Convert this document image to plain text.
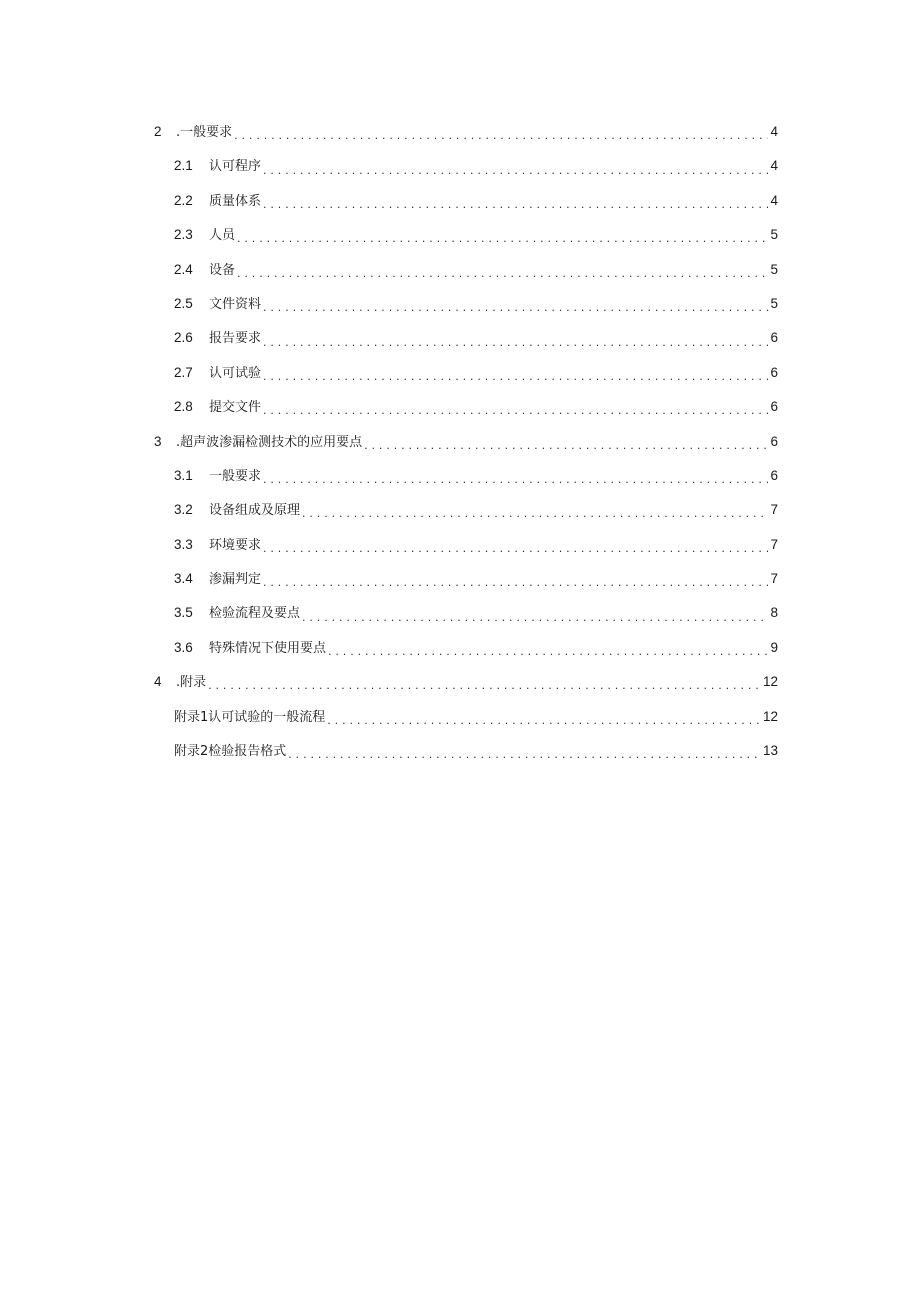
2	.一般要求 . . .	4
2.1	认可程序 . . .	4
2.2	质量体系 . . .	4
2.3	人员 . . .	5
2.4	设备 . . .	5
2.5	文件资料 . . .	5
2.6	报告要求 . . .	6
2.7	认可试验 . . .	6
2.8	提交文件 . . .	6
3	.超声波渗漏检测技术的应用要点 . . .	6
3.1	一般要求 . . .	6
3.2	设备组成及原理 . . .	7
3.3	环境要求 . . .	7
3.4	渗漏判定 . . .	7
3.5	检验流程及要点 . . .	8
3.6	特殊情况下使用要点 . . .	9
4	.附录 . . .	12
附录1认可试验的一般流程 . . .	12
附录2检验报告格式 . . .	13
